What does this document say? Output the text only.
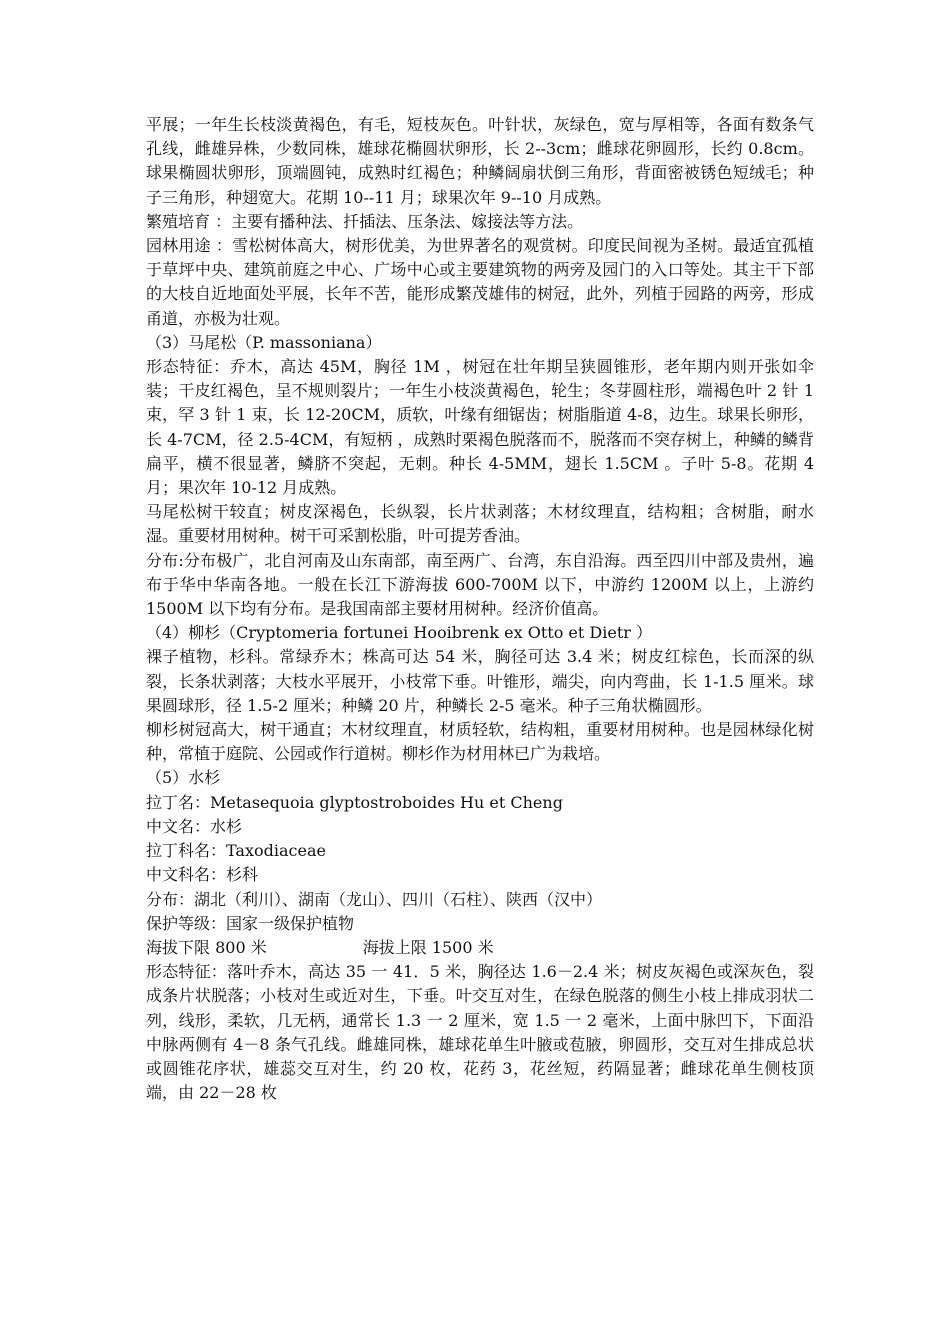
平展；一年生长枝淡黄褐色，有毛，短枝灰色。叶针状，灰绿色，宽与厚相等，各面有数条气孔线，雌雄异株，少数同株，雄球花椭圆状卵形，长 2--3cm；雌球花卵圆形，长约 0.8cm。球果椭圆状卵形，顶端圆钝，成熟时红褐色；种鳞阔扇状倒三角形，背面密被锈色短绒毛；种子三角形，种翅宽大。花期 10--11 月；球果次年 9--10 月成熟。

繁殖培育 ：主要有播种法、扦插法、压条法、嫁接法等方法。

园林用途 ：雪松树体高大，树形优美，为世界著名的观赏树。印度民间视为圣树。最适宜孤植于草坪中央、建筑前庭之中心、广场中心或主要建筑物的两旁及园门的入口等处。其主干下部的大枝自近地面处平展，长年不苦，能形成繁茂雄伟的树冠，此外，列植于园路的两旁，形成甬道，亦极为壮观。

（3）马尾松（P. massoniana）

形态特征：乔木，高达 45M，胸径 1M ，树冠在壮年期呈狭圆锥形，老年期内则开张如伞装；干皮红褐色，呈不规则裂片；一年生小枝淡黄褐色，轮生；冬芽圆柱形，端褐色叶 2 针 1 束，罕 3 针 1 束，长 12-20CM，质软，叶缘有细锯齿；树脂脂道 4-8，边生。球果长卵形，长 4-7CM，径 2.5-4CM，有短柄 ，成熟时栗褐色脱落而不，脱落而不突存树上，种鳞的鳞背扁平，横不很显著，鳞脐不突起，无刺。种长 4-5MM，翅长 1.5CM 。子叶 5-8。花期 4 月；果次年 10-12 月成熟。

马尾松树干较直；树皮深褐色，长纵裂，长片状剥落；木材纹理直，结构粗；含树脂，耐水湿。重要材用树种。树干可采割松脂，叶可提芳香油。

分布:分布极广，北自河南及山东南部，南至两广、台湾，东自沿海。西至四川中部及贵州，遍布于华中华南各地。一般在长江下游海拔 600-700M 以下，中游约 1200M 以上，上游约 1500M 以下均有分布。是我国南部主要材用树种。经济价值高。

（4）柳杉（Cryptomeria fortunei Hooibrenk ex Otto et Dietr ）

裸子植物，杉科。常绿乔木；株高可达 54 米，胸径可达 3.4 米；树皮红棕色，长而深的纵裂，长条状剥落；大枝水平展开，小枝常下垂。叶锥形，端尖，向内弯曲，长 1-1.5 厘米。球果圆球形，径 1.5-2 厘米；种鳞 20 片，种鳞长 2-5 毫米。种子三角状椭圆形。

柳杉树冠高大，树干通直；木材纹理直，材质轻软，结构粗，重要材用树种。也是园林绿化树种，常植于庭院、公园或作行道树。柳杉作为材用林已广为栽培。

（5）水杉

拉丁名：Metasequoia glyptostroboides Hu et Cheng

中文名：水杉

拉丁科名：Taxodiaceae

中文科名：杉科

分布：湖北（利川）、湖南（龙山）、四川（石柱）、陕西（汉中）

保护等级：国家一级保护植物

海拔下限 800 米	海拔上限 1500 米

形态特征：落叶乔木，高达 35 一 41．5 米，胸径达 1.6－2.4 米；树皮灰褐色或深灰色，裂成条片状脱落；小枝对生或近对生，下垂。叶交互对生，在绿色脱落的侧生小枝上排成羽状二列，线形，柔软，几无柄，通常长 1.3 一 2 厘米，宽 1.5 一 2 毫米，上面中脉凹下，下面沿中脉两侧有 4－8 条气孔线。雌雄同株，雄球花单生叶腋或苞腋，卵圆形，交互对生排成总状或圆锥花序状，雄蕊交互对生，约 20 枚，花药 3，花丝短，药隔显著；雌球花单生侧枝顶端，由 22－28 枚
